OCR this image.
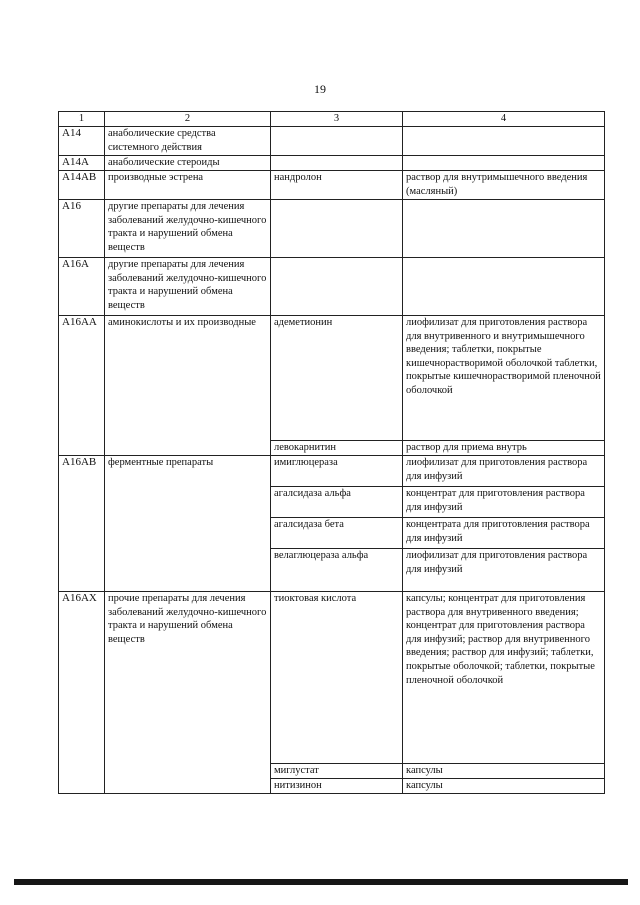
19
1	2	3	4
A14	анаболические средства системного действия		
A14A	анаболические стероиды		
A14AB	производные эстрена	нандролон	раствор для внутримышечного введения (масляный)
A16	другие препараты для лечения заболеваний желудочно-кишечного тракта и нарушений обмена веществ		
A16A	другие препараты для лечения заболеваний желудочно-кишечного тракта и нарушений обмена веществ		
A16AA	аминокислоты и их производные	адеметионин	лиофилизат для приготовления раствора для внутривенного и внутримышечного введения; таблетки, покрытые кишечнорастворимой оболочкой таблетки, покрытые кишечнорастворимой пленочной оболочкой
		левокарнитин	раствор для приема внутрь
A16AB	ферментные препараты	имиглюцераза	лиофилизат для приготовления раствора для инфузий
		агалсидаза альфа	концентрат для приготовления раствора для инфузий
		агалсидаза бета	концентрата для приготовления раствора для инфузий
		велаглюцераза альфа	лиофилизат для приготовления раствора для инфузий
A16AX	прочие препараты для лечения заболеваний желудочно-кишечного тракта и нарушений обмена веществ	тиоктовая кислота	капсулы; концентрат для приготовления раствора для внутривенного введения; концентрат для приготовления раствора для инфузий; раствор для внутривенного введения; раствор для инфузий; таблетки, покрытые оболочкой; таблетки, покрытые пленочной оболочкой
		миглустат	капсулы
		нитизинон	капсулы
